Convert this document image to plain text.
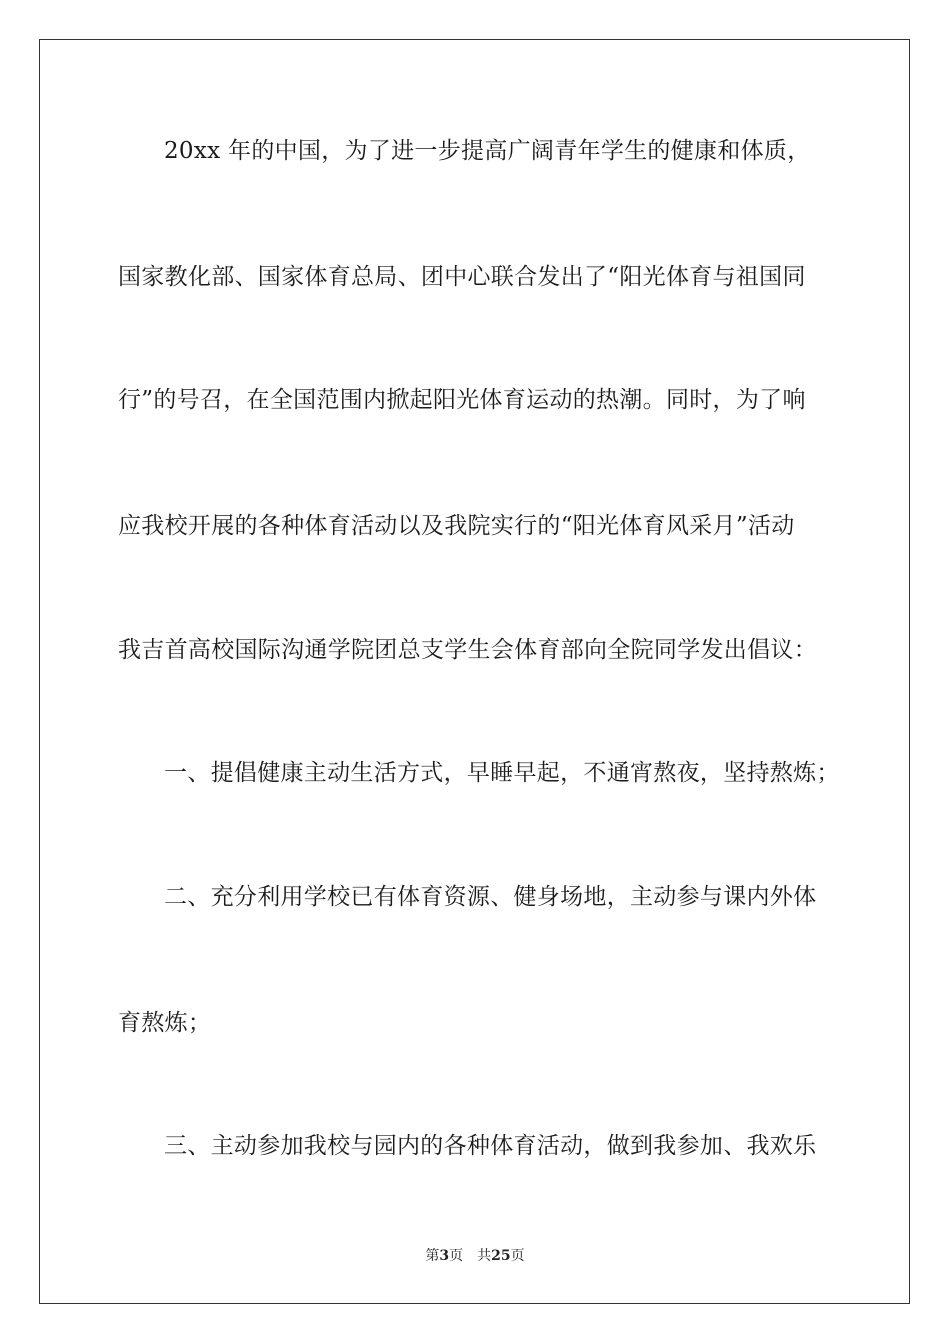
20xx 年的中国，为了进一步提高广阔青年学生的健康和体质，
国家教化部、国家体育总局、团中心联合发出了“阳光体育与祖国同
行”的号召，在全国范围内掀起阳光体育运动的热潮。同时，为了响
应我校开展的各种体育活动以及我院实行的“阳光体育风采月”活动
我吉首高校国际沟通学院团总支学生会体育部向全院同学发出倡议：
一、提倡健康主动生活方式，早睡早起，不通宵熬夜，坚持熬炼；
二、充分利用学校已有体育资源、健身场地，主动参与课内外体
育熬炼；
三、主动参加我校与园内的各种体育活动，做到我参加、我欢乐
第3页 共25页
